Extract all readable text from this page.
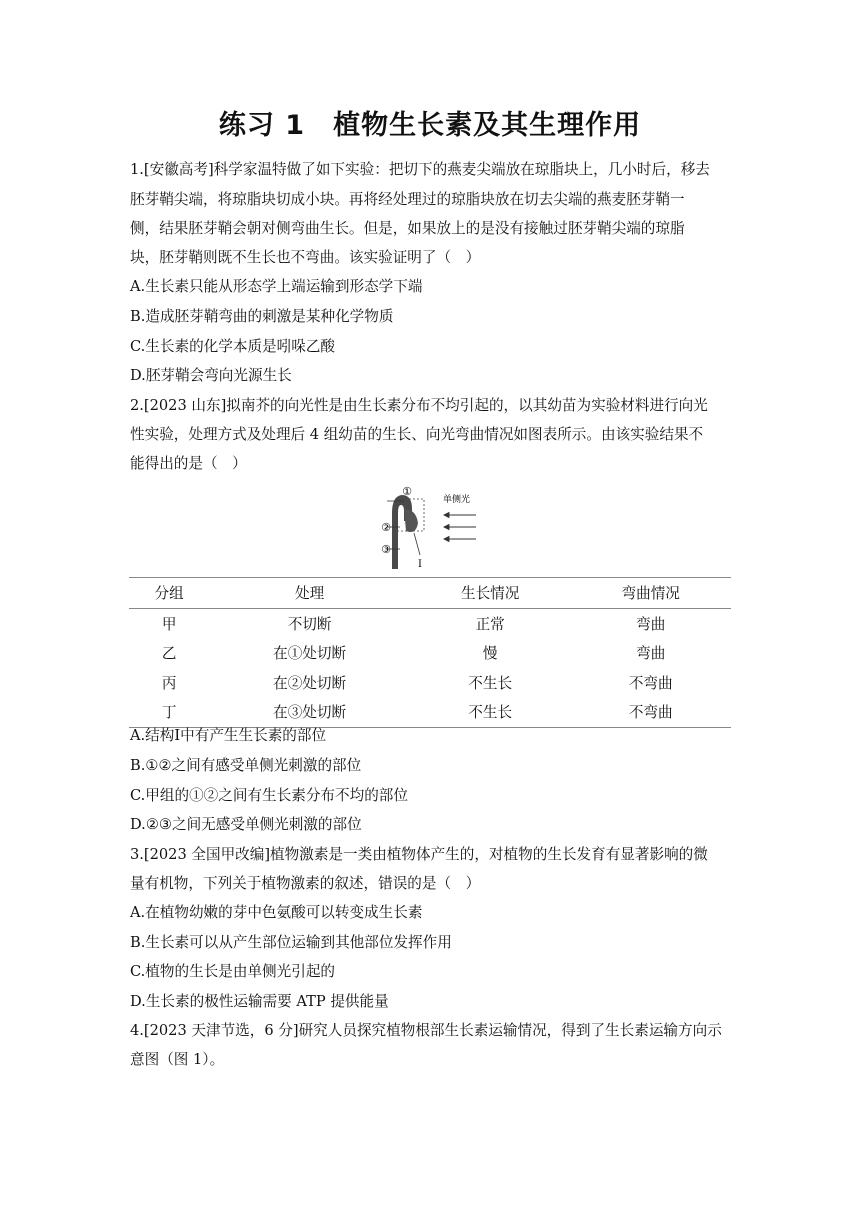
练习 1　植物生长素及其生理作用
1.[安徽高考]科学家温特做了如下实验：把切下的燕麦尖端放在琼脂块上，几小时后，移去
胚芽鞘尖端，将琼脂块切成小块。再将经处理过的琼脂块放在切去尖端的燕麦胚芽鞘一
侧，结果胚芽鞘会朝对侧弯曲生长。但是，如果放上的是没有接触过胚芽鞘尖端的琼脂
块，胚芽鞘则既不生长也不弯曲。该实验证明了（　）
A.生长素只能从形态学上端运输到形态学下端
B.造成胚芽鞘弯曲的刺激是某种化学物质
C.生长素的化学本质是吲哚乙酸
D.胚芽鞘会弯向光源生长
2.[2023 山东]拟南芥的向光性是由生长素分布不均引起的，以其幼苗为实验材料进行向光
性实验，处理方式及处理后 4 组幼苗的生长、向光弯曲情况如图表所示。由该实验结果不
能得出的是（　）
①
②
③
Ⅰ
单侧光
分组	处理	生长情况	弯曲情况
甲	不切断	正常	弯曲
乙	在①处切断	慢	弯曲
丙	在②处切断	不生长	不弯曲
丁	在③处切断	不生长	不弯曲
A.结构Ⅰ中有产生生长素的部位
B.①②之间有感受单侧光刺激的部位
C.甲组的①②之间有生长素分布不均的部位
D.②③之间无感受单侧光刺激的部位
3.[2023 全国甲改编]植物激素是一类由植物体产生的，对植物的生长发育有显著影响的微
量有机物，下列关于植物激素的叙述，错误的是（　）
A.在植物幼嫩的芽中色氨酸可以转变成生长素
B.生长素可以从产生部位运输到其他部位发挥作用
C.植物的生长是由单侧光引起的
D.生长素的极性运输需要 ATP 提供能量
4.[2023 天津节选，6 分]研究人员探究植物根部生长素运输情况，得到了生长素运输方向示
意图（图 1）。
